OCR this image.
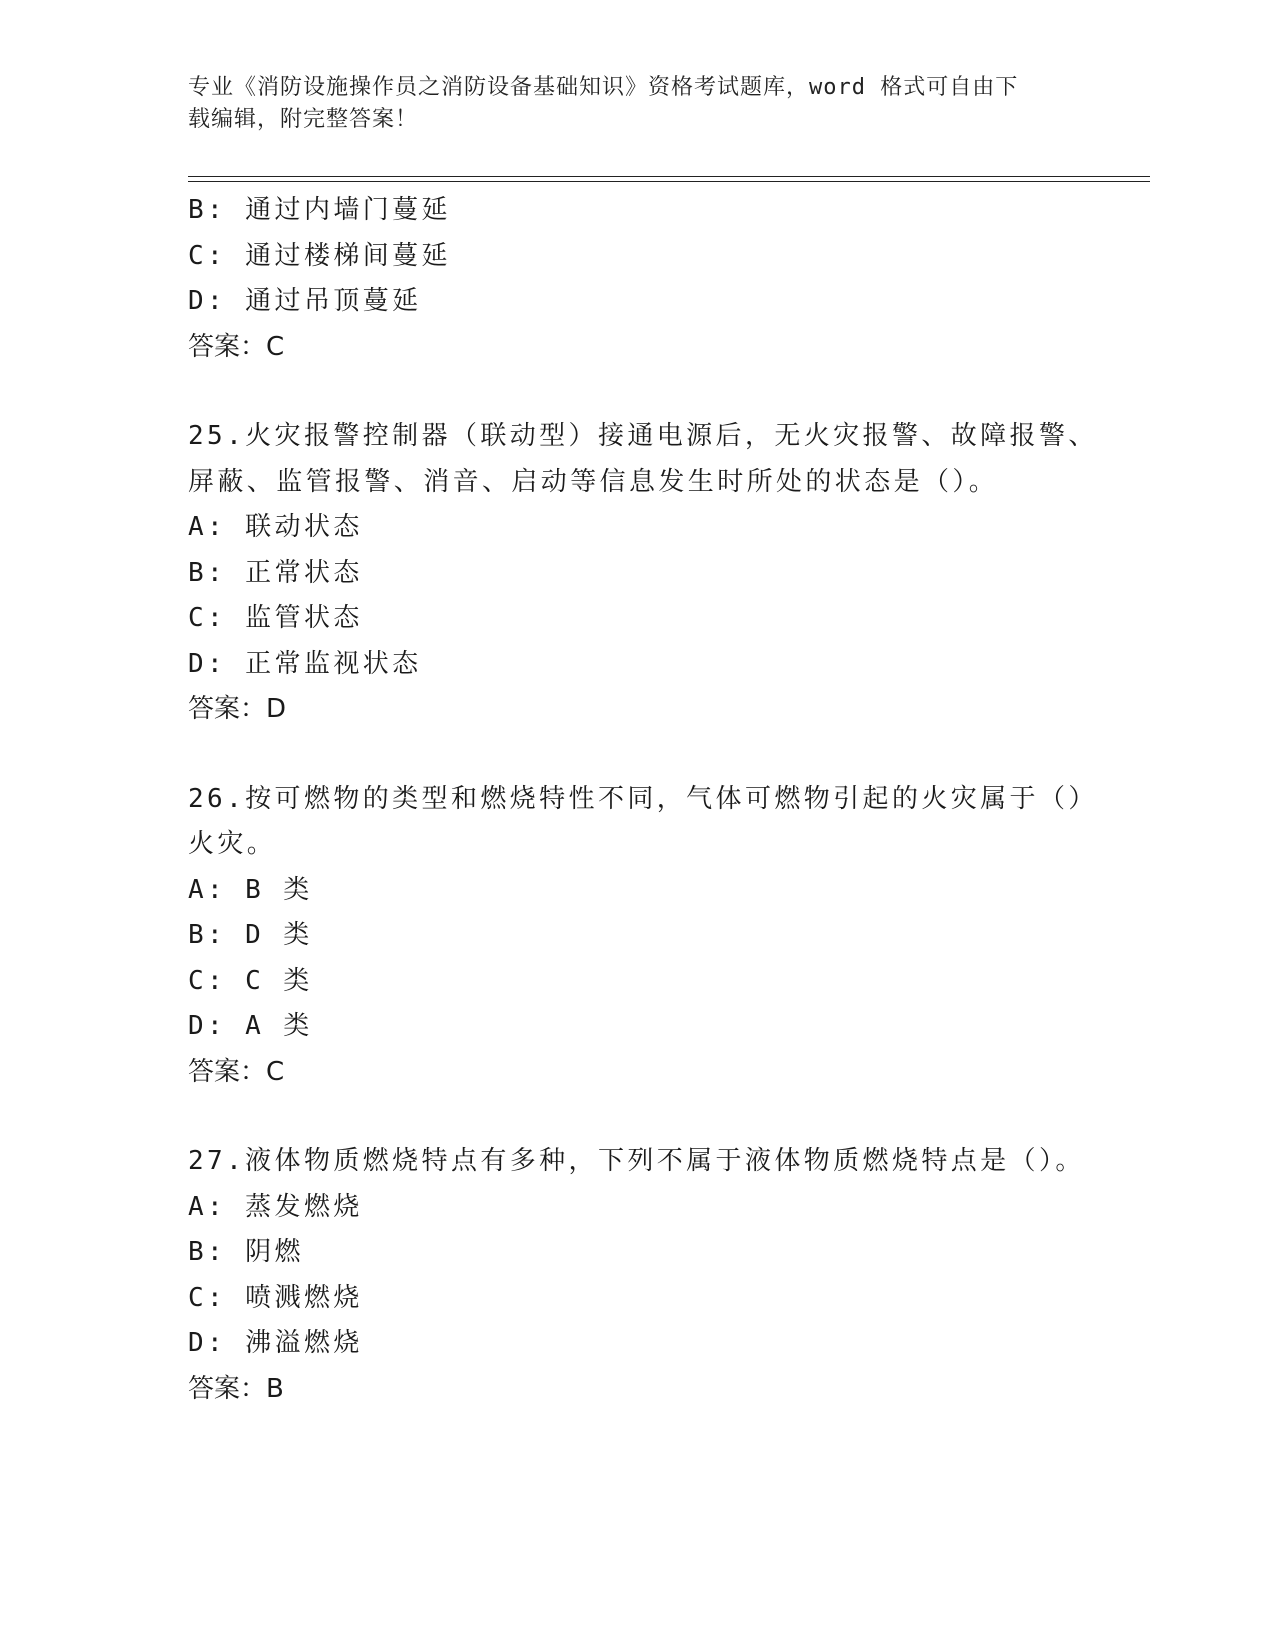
专业《消防设施操作员之消防设备基础知识》资格考试题库，word 格式可自由下
载编辑，附完整答案！
B: 通过内墙门蔓延
C: 通过楼梯间蔓延
D: 通过吊顶蔓延
答案：C
25.火灾报警控制器（联动型）接通电源后，无火灾报警、故障报警、
屏蔽、监管报警、消音、启动等信息发生时所处的状态是（）。
A: 联动状态
B: 正常状态
C: 监管状态
D: 正常监视状态
答案：D
26.按可燃物的类型和燃烧特性不同，气体可燃物引起的火灾属于（）
火灾。
A: B 类
B: D 类
C: C 类
D: A 类
答案：C
27.液体物质燃烧特点有多种，下列不属于液体物质燃烧特点是（）。
A: 蒸发燃烧
B: 阴燃
C: 喷溅燃烧
D: 沸溢燃烧
答案：B
